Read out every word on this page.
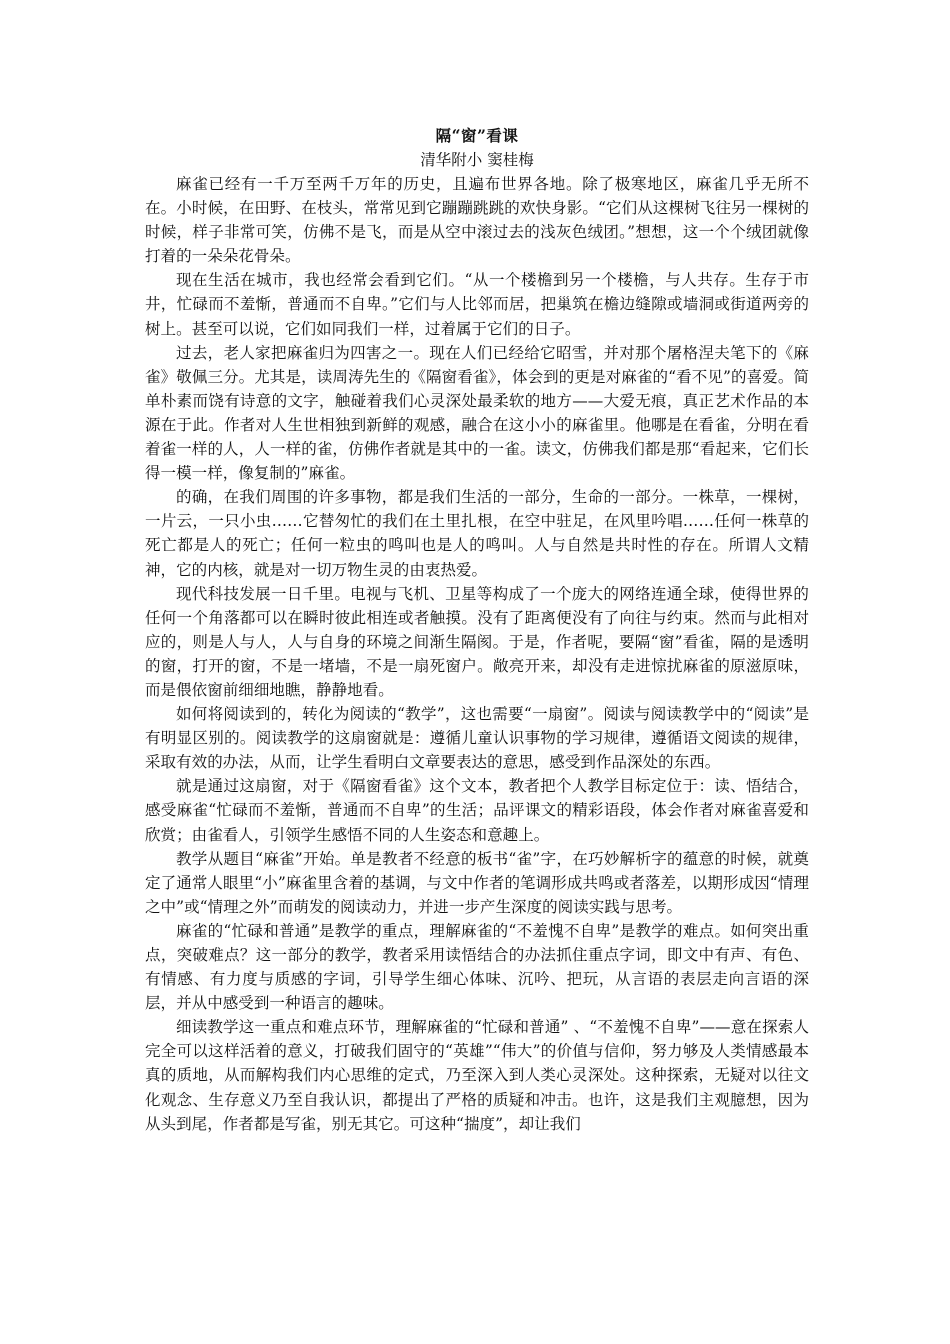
隔“窗”看课

清华附小 窦桂梅

麻雀已经有一千万至两千万年的历史，且遍布世界各地。除了极寒地区，麻雀几乎无所不在。小时候，在田野、在枝头，常常见到它蹦蹦跳跳的欢快身影。“它们从这棵树飞往另一棵树的时候，样子非常可笑，仿佛不是飞，而是从空中滚过去的浅灰色绒团。”想想，这一个个绒团就像打着的一朵朵花骨朵。

现在生活在城市，我也经常会看到它们。“从一个楼檐到另一个楼檐，与人共存。生存于市井，忙碌而不羞惭，普通而不自卑。”它们与人比邻而居，把巢筑在檐边缝隙或墙洞或街道两旁的树上。甚至可以说，它们如同我们一样，过着属于它们的日子。

过去，老人家把麻雀归为四害之一。现在人们已经给它昭雪，并对那个屠格涅夫笔下的《麻雀》敬佩三分。尤其是，读周涛先生的《隔窗看雀》，体会到的更是对麻雀的“看不见”的喜爱。简单朴素而饶有诗意的文字，触碰着我们心灵深处最柔软的地方——大爱无痕，真正艺术作品的本源在于此。作者对人生世相独到新鲜的观感，融合在这小小的麻雀里。他哪是在看雀，分明在看着雀一样的人，人一样的雀，仿佛作者就是其中的一雀。读文，仿佛我们都是那“看起来，它们长得一模一样，像复制的”麻雀。

的确，在我们周围的许多事物，都是我们生活的一部分，生命的一部分。一株草，一棵树，一片云，一只小虫……它替匆忙的我们在土里扎根，在空中驻足，在风里吟唱……任何一株草的死亡都是人的死亡；任何一粒虫的鸣叫也是人的鸣叫。人与自然是共时性的存在。所谓人文精神，它的内核，就是对一切万物生灵的由衷热爱。

现代科技发展一日千里。电视与飞机、卫星等构成了一个庞大的网络连通全球，使得世界的任何一个角落都可以在瞬时彼此相连或者触摸。没有了距离便没有了向往与约束。然而与此相对应的，则是人与人，人与自身的环境之间渐生隔阂。于是，作者呢，要隔“窗”看雀，隔的是透明的窗，打开的窗，不是一堵墙，不是一扇死窗户。敞亮开来，却没有走进惊扰麻雀的原滋原味，而是偎依窗前细细地瞧，静静地看。

如何将阅读到的，转化为阅读的“教学”，这也需要“一扇窗”。阅读与阅读教学中的“阅读”是有明显区别的。阅读教学的这扇窗就是：遵循儿童认识事物的学习规律，遵循语文阅读的规律，采取有效的办法，从而，让学生看明白文章要表达的意思，感受到作品深处的东西。

就是通过这扇窗，对于《隔窗看雀》这个文本，教者把个人教学目标定位于：读、悟结合，感受麻雀“忙碌而不羞惭，普通而不自卑”的生活；品评课文的精彩语段，体会作者对麻雀喜爱和欣赏；由雀看人，引领学生感悟不同的人生姿态和意趣上。

教学从题目“麻雀”开始。单是教者不经意的板书“雀”字，在巧妙解析字的蕴意的时候，就奠定了通常人眼里“小”麻雀里含着的基调，与文中作者的笔调形成共鸣或者落差，以期形成因“情理之中”或“情理之外”而萌发的阅读动力，并进一步产生深度的阅读实践与思考。

麻雀的“忙碌和普通”是教学的重点，理解麻雀的“不羞愧不自卑”是教学的难点。如何突出重点，突破难点？这一部分的教学，教者采用读悟结合的办法抓住重点字词，即文中有声、有色、有情感、有力度与质感的字词，引导学生细心体味、沉吟、把玩，从言语的表层走向言语的深层，并从中感受到一种语言的趣味。

细读教学这一重点和难点环节，理解麻雀的“忙碌和普通” 、“不羞愧不自卑”——意在探索人完全可以这样活着的意义，打破我们固守的“英雄”“伟大”的价值与信仰，努力够及人类情感最本真的质地，从而解构我们内心思维的定式，乃至深入到人类心灵深处。这种探索，无疑对以往文化观念、生存意义乃至自我认识，都提出了严格的质疑和冲击。也许，这是我们主观臆想，因为从头到尾，作者都是写雀，别无其它。可这种“揣度”，却让我们
